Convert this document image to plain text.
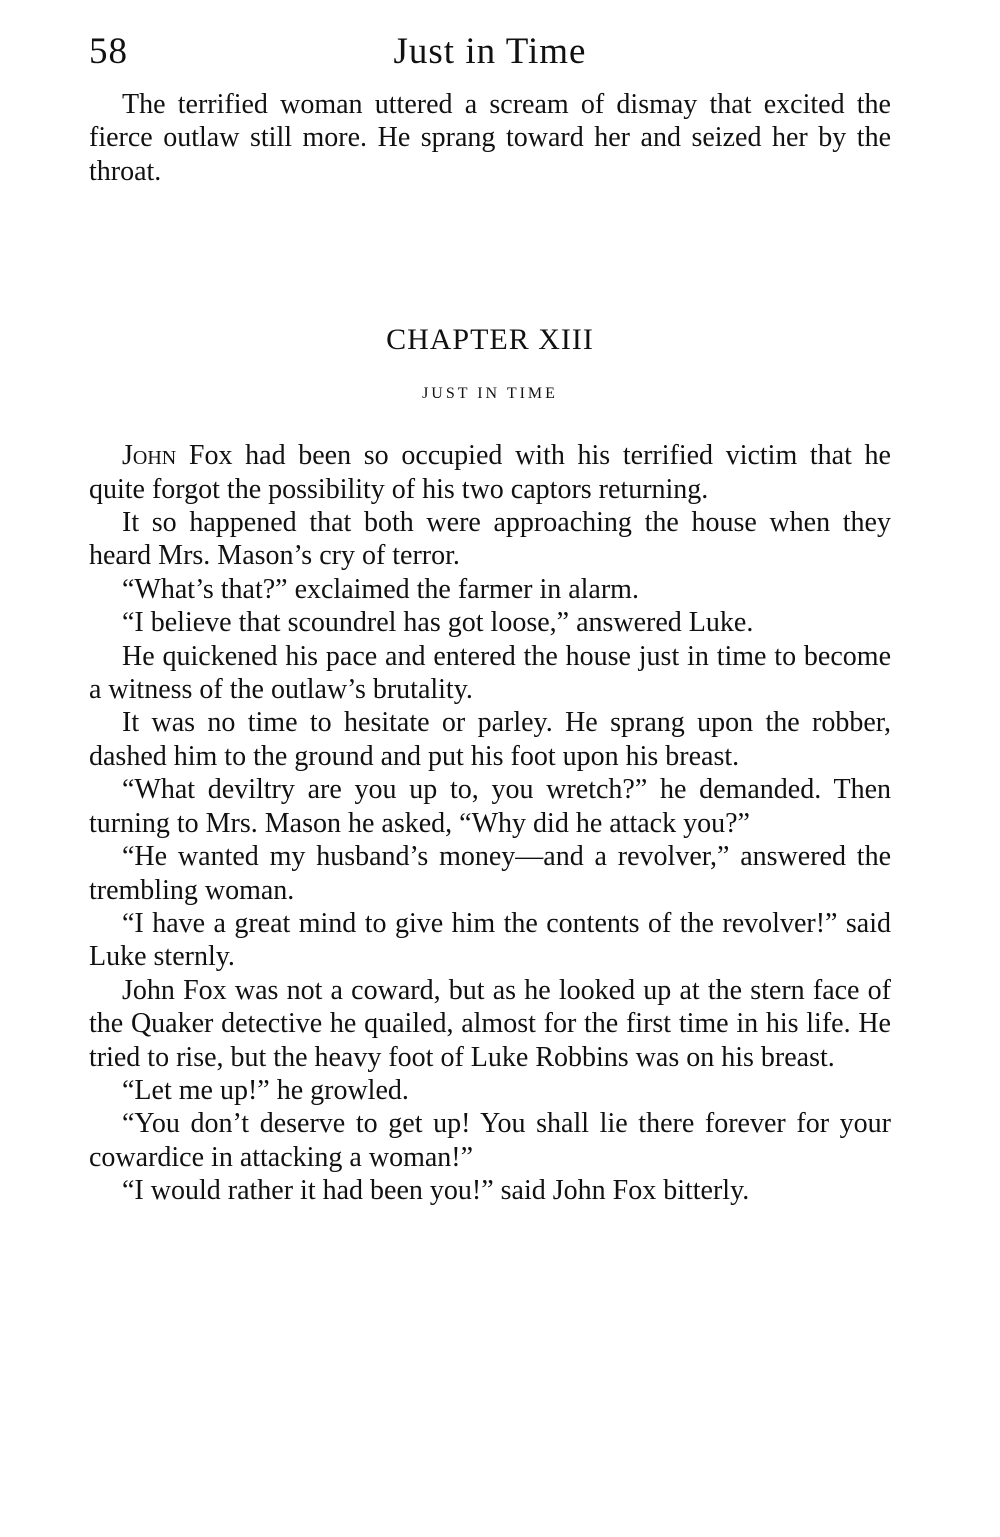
58	Just in Time

The terrified woman uttered a scream of dismay that excited the fierce outlaw still more. He sprang toward her and seized her by the throat.

CHAPTER XIII
JUST IN TIME

John Fox had been so occupied with his terrified victim that he quite forgot the possibility of his two captors returning.

It so happened that both were approaching the house when they heard Mrs. Mason’s cry of terror.

“What’s that?” exclaimed the farmer in alarm.

“I believe that scoundrel has got loose,” answered Luke.

He quickened his pace and entered the house just in time to become a witness of the outlaw’s brutality.

It was no time to hesitate or parley. He sprang upon the robber, dashed him to the ground and put his foot upon his breast.

“What deviltry are you up to, you wretch?” he demanded. Then turning to Mrs. Mason he asked, “Why did he attack you?”

“He wanted my husband’s money—and a revolver,” answered the trembling woman.

“I have a great mind to give him the contents of the revolver!” said Luke sternly.

John Fox was not a coward, but as he looked up at the stern face of the Quaker detective he quailed, almost for the first time in his life. He tried to rise, but the heavy foot of Luke Robbins was on his breast.

“Let me up!” he growled.

“You don’t deserve to get up! You shall lie there forever for your cowardice in attacking a woman!”

“I would rather it had been you!” said John Fox bitterly.
